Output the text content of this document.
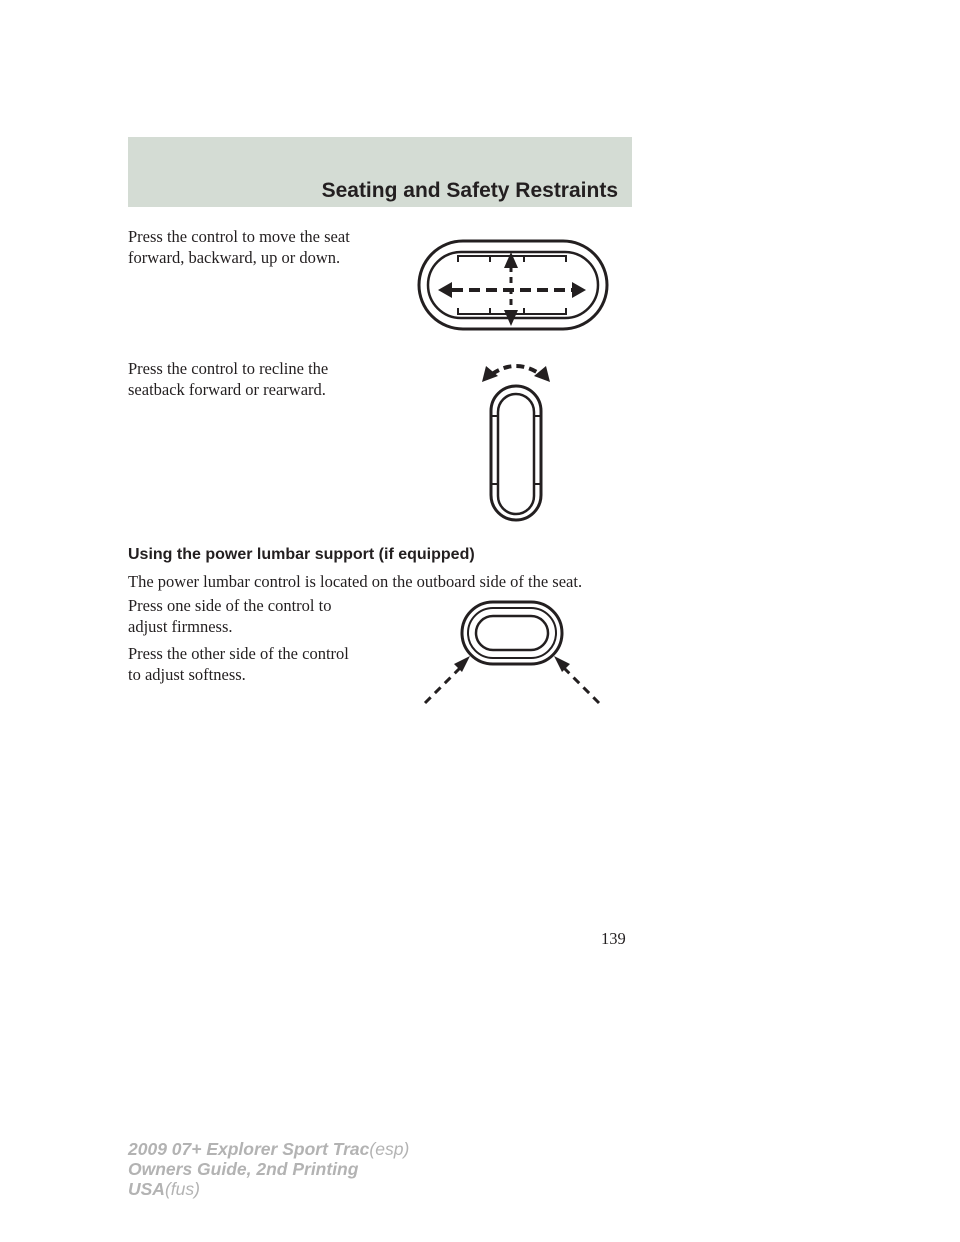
Seating and Safety Restraints

Press the control to move the seat
forward, backward, up or down.

Press the control to recline the
seatback forward or rearward.

Using the power lumbar support (if equipped)

The power lumbar control is located on the outboard side of the seat.

Press one side of the control to
adjust firmness.

Press the other side of the control
to adjust softness.

139
2009 07+ Explorer Sport Trac(esp)
Owners Guide, 2nd Printing
USA(fus)
